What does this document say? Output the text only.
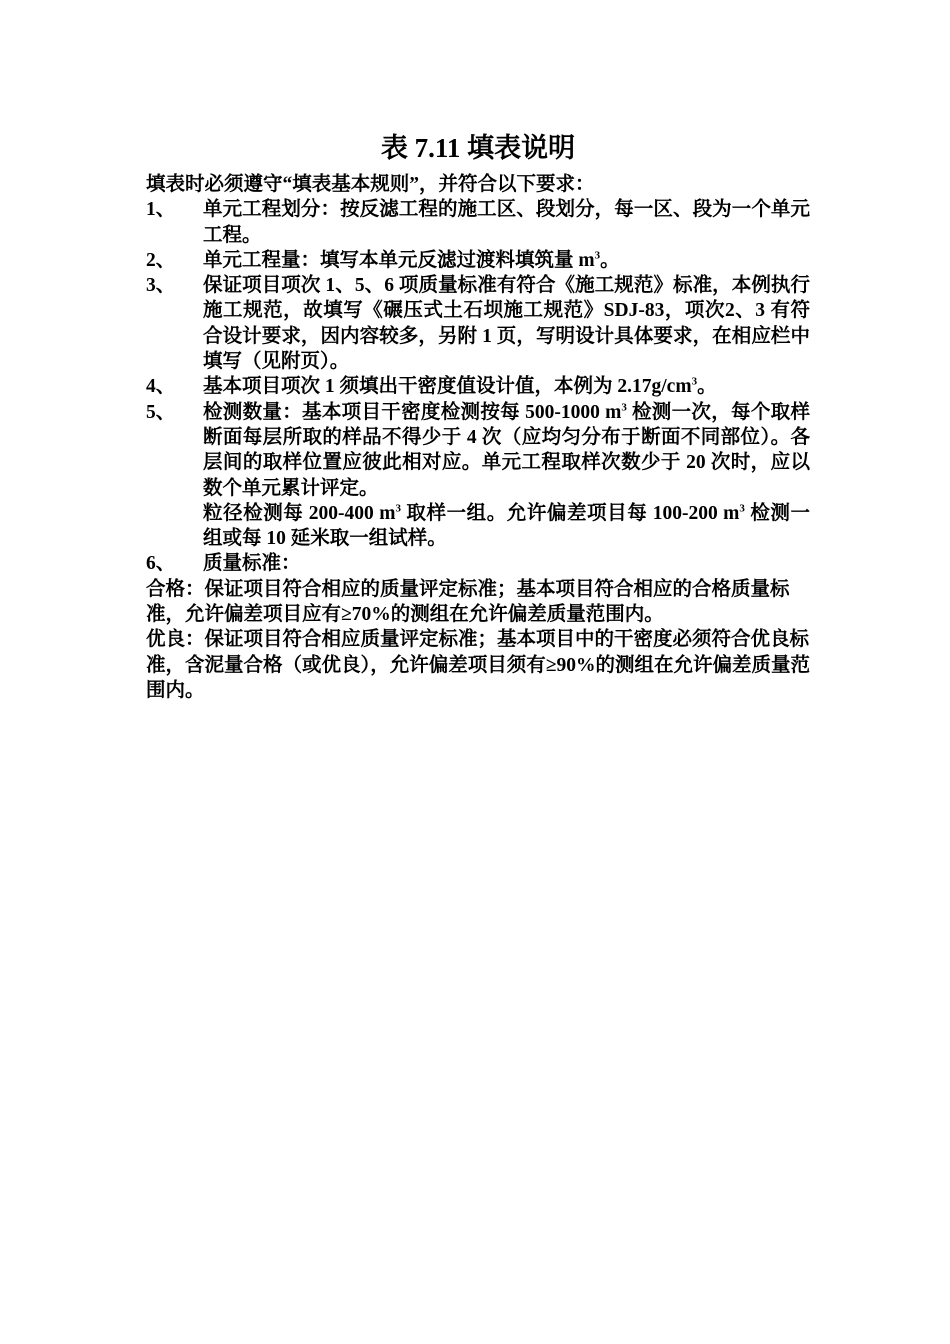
表 7.11 填表说明

填表时必须遵守“填表基本规则”，并符合以下要求：

1、	单元工程划分：按反滤工程的施工区、段划分，每一区、段为一个单元工程。

2、	单元工程量：填写本单元反滤过渡料填筑量 $m^3$。

3、	保证项目项次 1、5、6 项质量标准有符合《施工规范》标准，本例执行施工规范，故填写《碾压式土石坝施工规范》SDJ-83，项次2、3 有符合设计要求，因内容较多，另附 1 页，写明设计具体要求，在相应栏中填写（见附页）。

4、	基本项目项次 1 须填出干密度值设计值，本例为 $2.17g/cm^3$。

5、	检测数量：基本项目干密度检测按每 500-1000 $m^3$ 检测一次，每个取样断面每层所取的样品不得少于 4 次（应均匀分布于断面不同部位）。各层间的取样位置应彼此相对应。单元工程取样次数少于 20 次时，应以数个单元累计评定。

粒径检测每 200-400 $m^3$ 取样一组。允许偏差项目每 100-200 $m^3$ 检测一组或每 10 延米取一组试样。

6、	质量标准：

合格：保证项目符合相应的质量评定标准；基本项目符合相应的合格质量标准，允许偏差项目应有≥70%的测组在允许偏差质量范围内。

优良：保证项目符合相应质量评定标准；基本项目中的干密度必须符合优良标准，含泥量合格（或优良），允许偏差项目须有≥90%的测组在允许偏差质量范围内。
